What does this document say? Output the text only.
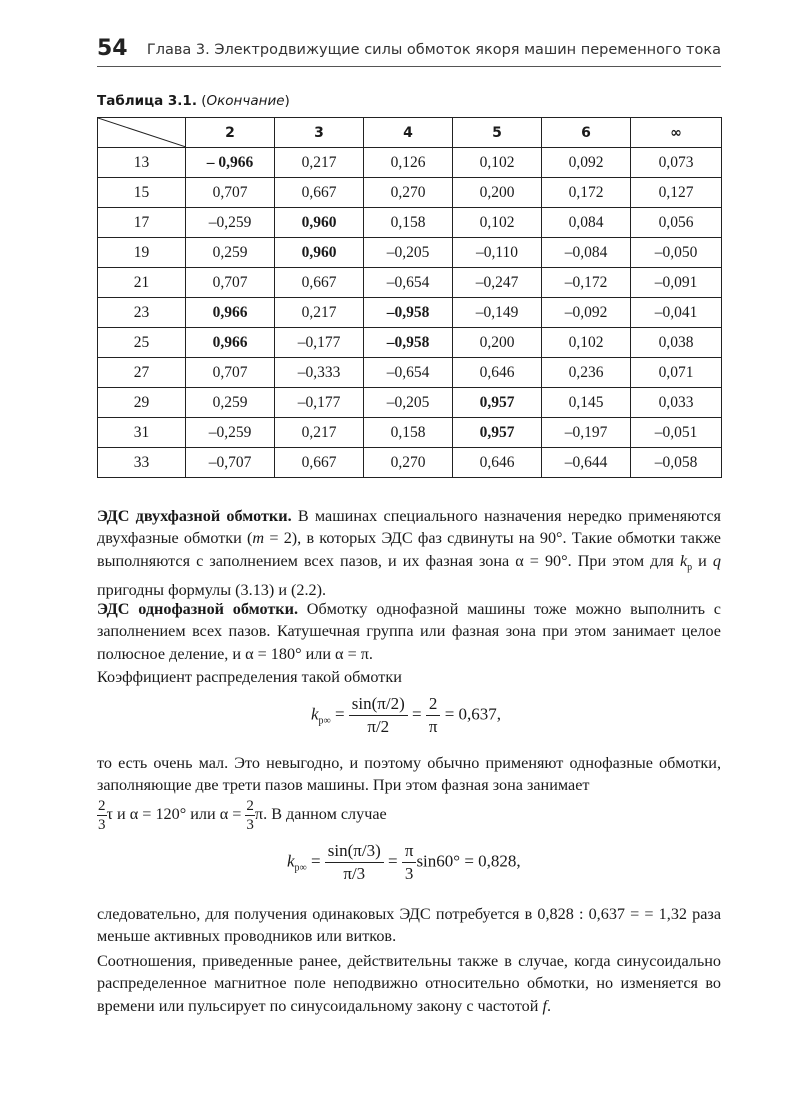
54 Глава 3. Электродвижущие силы обмоток якоря машин переменного тока
Таблица 3.1. (Окончание)
	2	3	4	5	6	∞
13	– 0,966	0,217	0,126	0,102	0,092	0,073
15	0,707	0,667	0,270	0,200	0,172	0,127
17	–0,259	0,960	0,158	0,102	0,084	0,056
19	0,259	0,960	–0,205	–0,110	–0,084	–0,050
21	0,707	0,667	–0,654	–0,247	–0,172	–0,091
23	0,966	0,217	–0,958	–0,149	–0,092	–0,041
25	0,966	–0,177	–0,958	0,200	0,102	0,038
27	0,707	–0,333	–0,654	0,646	0,236	0,071
29	0,259	–0,177	–0,205	0,957	0,145	0,033
31	–0,259	0,217	0,158	0,957	–0,197	–0,051
33	–0,707	0,667	0,270	0,646	–0,644	–0,058
ЭДС двухфазной обмотки. В машинах специального назначения нередко применяются двухфазные обмотки (m = 2), в которых ЭДС фаз сдвинуты на 90°. Такие обмотки также выполняются с заполнением всех пазов, и их фазная зона α = 90°. При этом для $k_р$ и q пригодны формулы (3.13) и (2.2).
ЭДС однофазной обмотки. Обмотку однофазной машины тоже можно выполнить с заполнением всех пазов. Катушечная группа или фазная зона при этом занимает целое полюсное деление, и α = 180° или α = π.
Коэффициент распределения такой обмотки
$k_{р\infty} = \frac{\sin(\pi/2)}{\pi/2} = \frac{2}{\pi} = 0,637$,
то есть очень мал. Это невыгодно, и поэтому обычно применяют однофазные обмотки, заполняющие две трети пазов машины. При этом фазная зона занимает

$\frac{2}{3}$ τ и α = 120° или $\alpha = \frac{2}{3} \pi$. В данном случае
$k_{р\infty} = \frac{\sin(\pi/3)}{\pi/3} = \frac{\pi}{3} \sin 60^\circ = 0,828$,
следовательно, для получения одинаковых ЭДС потребуется в 0,828 : 0,637 = = 1,32 раза меньше активных проводников или витков.
Соотношения, приведенные ранее, действительны также в случае, когда синусоидально распределенное магнитное поле неподвижно относительно обмотки, но изменяется во времени или пульсирует по синусоидальному закону с частотой f.
